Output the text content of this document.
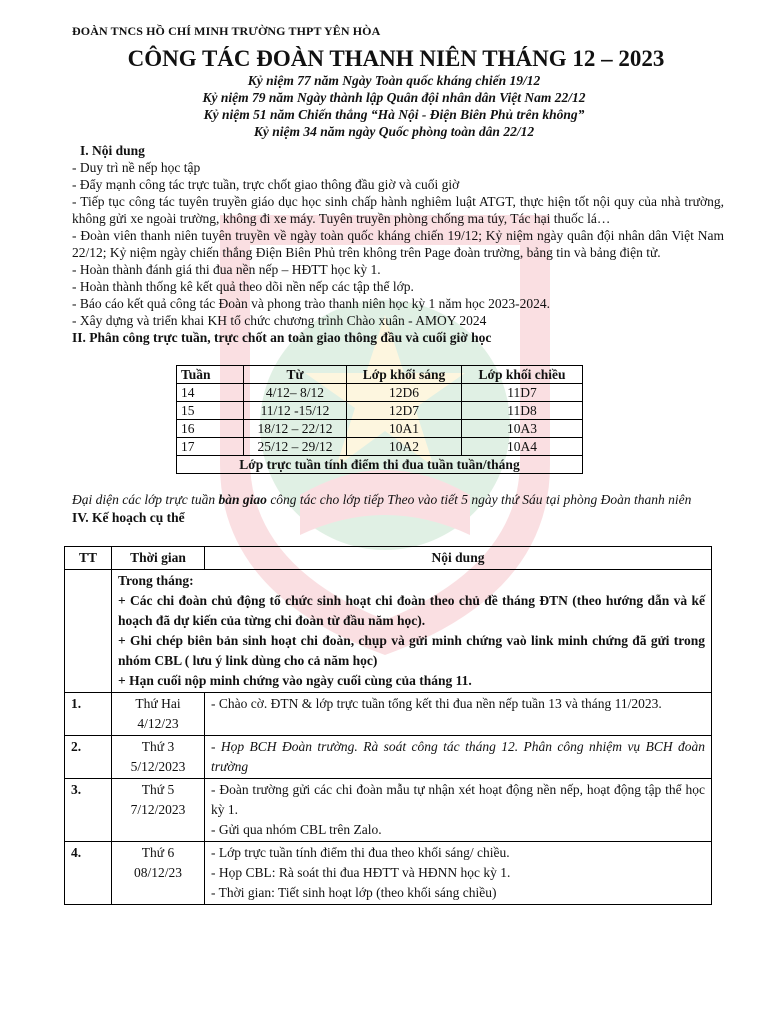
ĐOÀN TNCS HỒ CHÍ MINH TRƯỜNG THPT YÊN HÒA
CÔNG TÁC ĐOÀN THANH NIÊN THÁNG 12 – 2023
Kỷ niệm 77 năm Ngày Toàn quốc kháng chiến 19/12
Kỷ niệm 79 năm Ngày thành lập Quân đội nhân dân Việt Nam 22/12
Kỷ niệm 51 năm Chiến thắng “Hà Nội - Điện Biên Phủ trên không”
Kỷ niệm 34 năm ngày Quốc phòng toàn dân 22/12
I. Nội dung
- Duy trì nề nếp học tập
- Đẩy mạnh công tác trực tuần, trực chốt giao thông đầu giờ và cuối giờ
- Tiếp tục công tác tuyên truyền giáo dục học sinh chấp hành nghiêm luật ATGT, thực hiện tốt nội quy của nhà trường, không gửi xe ngoài trường, không đi xe máy. Tuyên truyền phòng chống ma túy, Tác hại thuốc lá…
- Đoàn viên thanh niên tuyên truyền về ngày toàn quốc kháng chiến 19/12; Kỷ niệm ngày quân đội nhân dân Việt Nam 22/12; Kỷ niệm ngày chiến thắng Điện Biên Phủ trên không trên Page đoàn trường, bảng tin và bảng điện tử.
- Hoàn thành đánh giá thi đua nền nếp – HĐTT học kỳ 1.
- Hoàn thành thống kê kết quả theo dõi nền nếp các tập thể lớp.
- Báo cáo kết quả công tác Đoàn và phong trào thanh niên học kỳ 1 năm học 2023-2024.
- Xây dựng và triển khai KH tổ chức chương trình Chào xuân - AMOY 2024
II. Phân công trực tuần, trực chốt an toàn giao thông đầu và cuối giờ học
Tuần	Từ	Lớp khối sáng	Lớp khối chiều
14	4/12– 8/12	12D6	11D7
15	11/12 -15/12	12D7	11D8
16	18/12 – 22/12	10A1	10A3
17	25/12 – 29/12	10A2	10A4
Lớp trực tuần tính điểm thi đua tuần tuần/tháng			
Đại diện các lớp trực tuần bàn giao công tác cho lớp tiếp Theo vào tiết 5 ngày thứ Sáu tại phòng Đoàn thanh niên
IV. Kế hoạch cụ thể
TT	Thời gian	Nội dung

	Trong tháng:
+ Các chi đoàn chủ động tổ chức sinh hoạt chi đoàn theo chủ đề tháng ĐTN (theo hướng dẫn và kế hoạch đã dự kiến của từng chi đoàn từ đầu năm học).
+ Ghi chép biên bản sinh hoạt chi đoàn, chụp và gửi minh chứng vaò link minh chứng đã gửi trong nhóm CBL ( lưu ý link dùng cho cả năm học)
+ Hạn cuối nộp minh chứng vào ngày cuối cùng của tháng 11.	

1.	Thứ Hai
4/12/23	- Chào cờ. ĐTN & lớp trực tuần tổng kết thi đua nền nếp tuần 13 và tháng 11/2023.

2.	Thứ 3
5/12/2023	- Họp BCH Đoàn trường. Rà soát công tác tháng 12. Phân công nhiệm vụ BCH đoàn trường

3.	Thứ 5
7/12/2023	- Đoàn trường gửi các chi đoàn mẫu tự nhận xét hoạt động nền nếp, hoạt động tập thể học kỳ 1.
- Gửi qua nhóm CBL trên Zalo.

4.	Thứ 6
08/12/23	- Lớp trực tuần tính điểm thi đua theo khối sáng/ chiều.
- Họp CBL: Rà soát thi đua HĐTT và HĐNN học kỳ 1.
- Thời gian: Tiết sinh hoạt lớp (theo khối sáng chiều)
